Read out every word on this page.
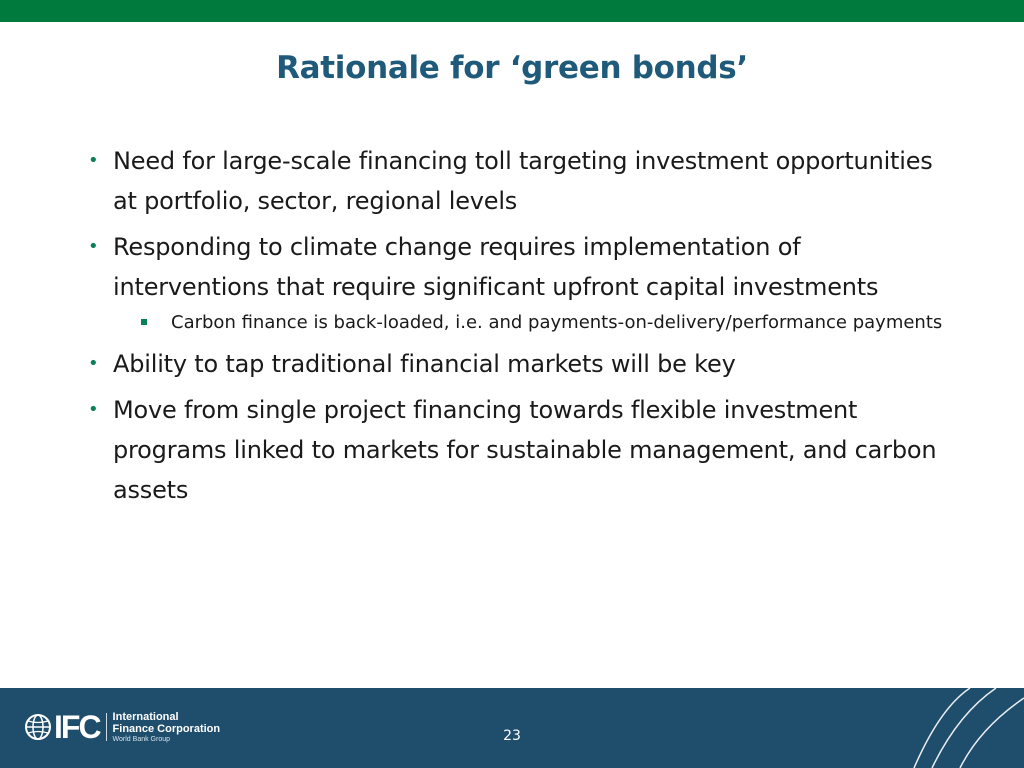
Rationale for ‘green bonds’
• Need for large-scale financing toll targeting investment opportunities at portfolio, sector, regional levels
• Responding to climate change requires implementation of interventions that require significant upfront capital investments
Carbon finance is back-loaded, i.e. and payments-on-delivery/performance payments
• Ability to tap traditional financial markets will be key
• Move from single project financing towards flexible investment programs linked to markets for sustainable management, and carbon assets
IFC International
Finance Corporation
World Bank Group	23
